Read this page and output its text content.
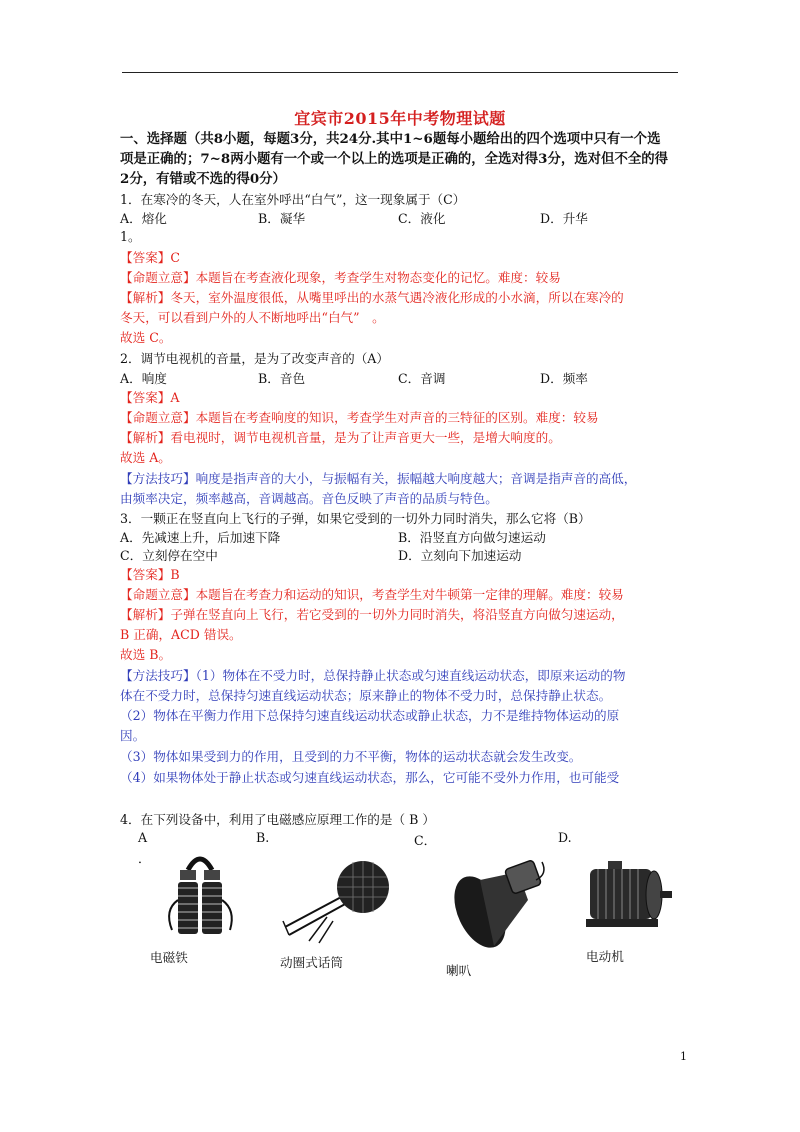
宜宾市2015年中考物理试题
一、选择题（共8小题，每题3分，共24分.其中1~6题每小题给出的四个选项中只有一个选
项是正确的；7~8两小题有一个或一个以上的选项是正确的，全选对得3分，选对但不全的得
2分，有错或不选的得0分）
1．在寒冷的冬天，人在室外呼出“白气”，这一现象属于（C）
A．熔化	B．凝华	C．液化	D．升华
1。
【答案】C
【命题立意】本题旨在考查液化现象，考查学生对物态变化的记忆。难度：较易
【解析】冬天，室外温度很低，从嘴里呼出的水蒸气遇冷液化形成的小水滴，所以在寒冷的
冬天，可以看到户外的人不断地呼出“白气”　。
故选 C。
2．调节电视机的音量，是为了改变声音的（A）
A．响度	B．音色	C．音调	D．频率
【答案】A
【命题立意】本题旨在考查响度的知识，考查学生对声音的三特征的区别。难度：较易
【解析】看电视时，调节电视机音量，是为了让声音更大一些，是增大响度的。
故选 A。
【方法技巧】响度是指声音的大小，与振幅有关，振幅越大响度越大；音调是指声音的高低，
由频率决定，频率越高，音调越高。音色反映了声音的品质与特色。
3．一颗正在竖直向上飞行的子弹，如果它受到的一切外力同时消失，那么它将（B）
A．先减速上升，后加速下降	B．沿竖直方向做匀速运动
C．立刻停在空中	D．立刻向下加速运动
【答案】B
【命题立意】本题旨在考查力和运动的知识，考查学生对牛顿第一定律的理解。难度：较易
【解析】子弹在竖直向上飞行，若它受到的一切外力同时消失，将沿竖直方向做匀速运动，
B 正确，ACD 错误。
故选 B。
【方法技巧】（1）物体在不受力时，总保持静止状态或匀速直线运动状态，即原来运动的物
体在不受力时，总保持匀速直线运动状态；原来静止的物体不受力时，总保持静止状态。
（2）物体在平衡力作用下总保持匀速直线运动状态或静止状态，力不是维持物体运动的原
因。
（3）物体如果受到力的作用，且受到的力不平衡，物体的运动状态就会发生改变。
（4）如果物体处于静止状态或匀速直线运动状态，那么，它可能不受外力作用，也可能受
4．在下列设备中，利用了电磁感应原理工作的是（ B ）
A
．
B.	C．	D.
电磁铁	动圈式话筒
喇叭
电动机
1
